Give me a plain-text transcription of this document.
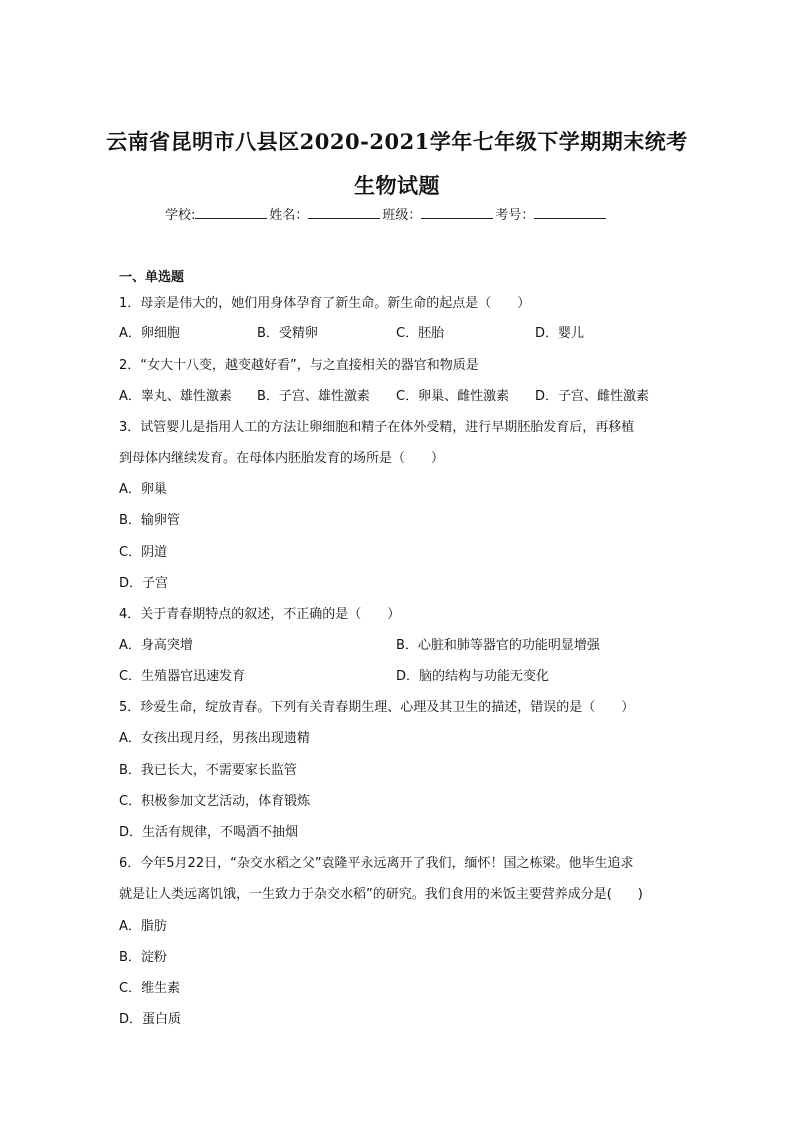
云南省昆明市八县区2020-2021学年七年级下学期期末统考
生物试题
学校:	姓名：	班级：	考号：
一、单选题
1．母亲是伟大的，她们用身体孕育了新生命。新生命的起点是（　　）
A．卵细胞	B．受精卵	C．胚胎	D．婴儿
2．“女大十八变，越变越好看”，与之直接相关的器官和物质是
A．睾丸、雄性激素 B．子宫、雄性激素 C．卵巢、雌性激素 D．子宫、雌性激素
3．试管婴儿是指用人工的方法让卵细胞和精子在体外受精，进行早期胚胎发育后，再移植
到母体内继续发育。在母体内胚胎发育的场所是（　　）
A．卵巢
B．输卵管
C．阴道
D．子宫
4．关于青春期特点的叙述，不正确的是（　　）
A．身高突增	B．心脏和肺等器官的功能明显增强
C．生殖器官迅速发育	D．脑的结构与功能无变化
5．珍爱生命，绽放青春。下列有关青春期生理、心理及其卫生的描述，错误的是（　　）
A．女孩出现月经，男孩出现遗精
B．我已长大，不需要家长监管
C．积极参加文艺活动，体育锻炼
D．生活有规律，不喝酒不抽烟
6．今年5月22日，“杂交水稻之父”袁隆平永远离开了我们，缅怀！国之栋梁。他毕生追求
就是让人类远离饥饿，一生致力于杂交水稻”的研究。我们食用的米饭主要营养成分是(　　)
A．脂肪
B．淀粉
C．维生素
D．蛋白质
